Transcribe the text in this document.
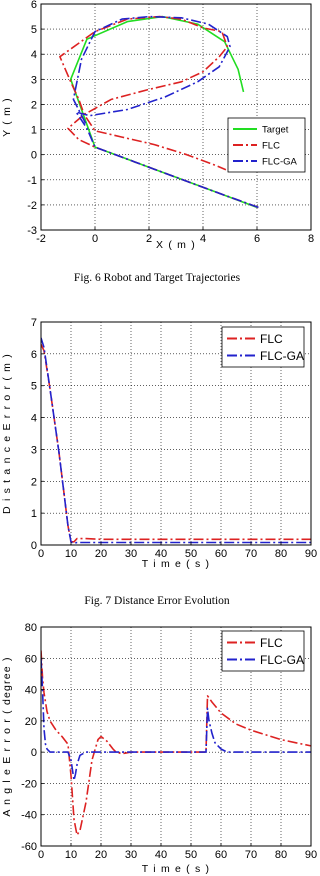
-2	0	2	4	6	8
-3
-2
-1
0
1
2
3
4
5
6
X ( m )
Y ( m )	Target
FLC
FLC-GA
Fig. 6 Robot and Target Trajectories
0 10 20 30 40 50 60 70 80 90
0
1
2
3
4
5
6
7
T i m e ( s )
D i s t a n c e E r r o r ( m )
FLC
FLC-GA
Fig. 7 Distance Error Evolution
0 10 20 30 40 50 60 70 80 90
-60
-40
-20
0
20
40
60
80
T i m e ( s )
A n g l e E r r o r ( degree )
FLC
FLC-GA
